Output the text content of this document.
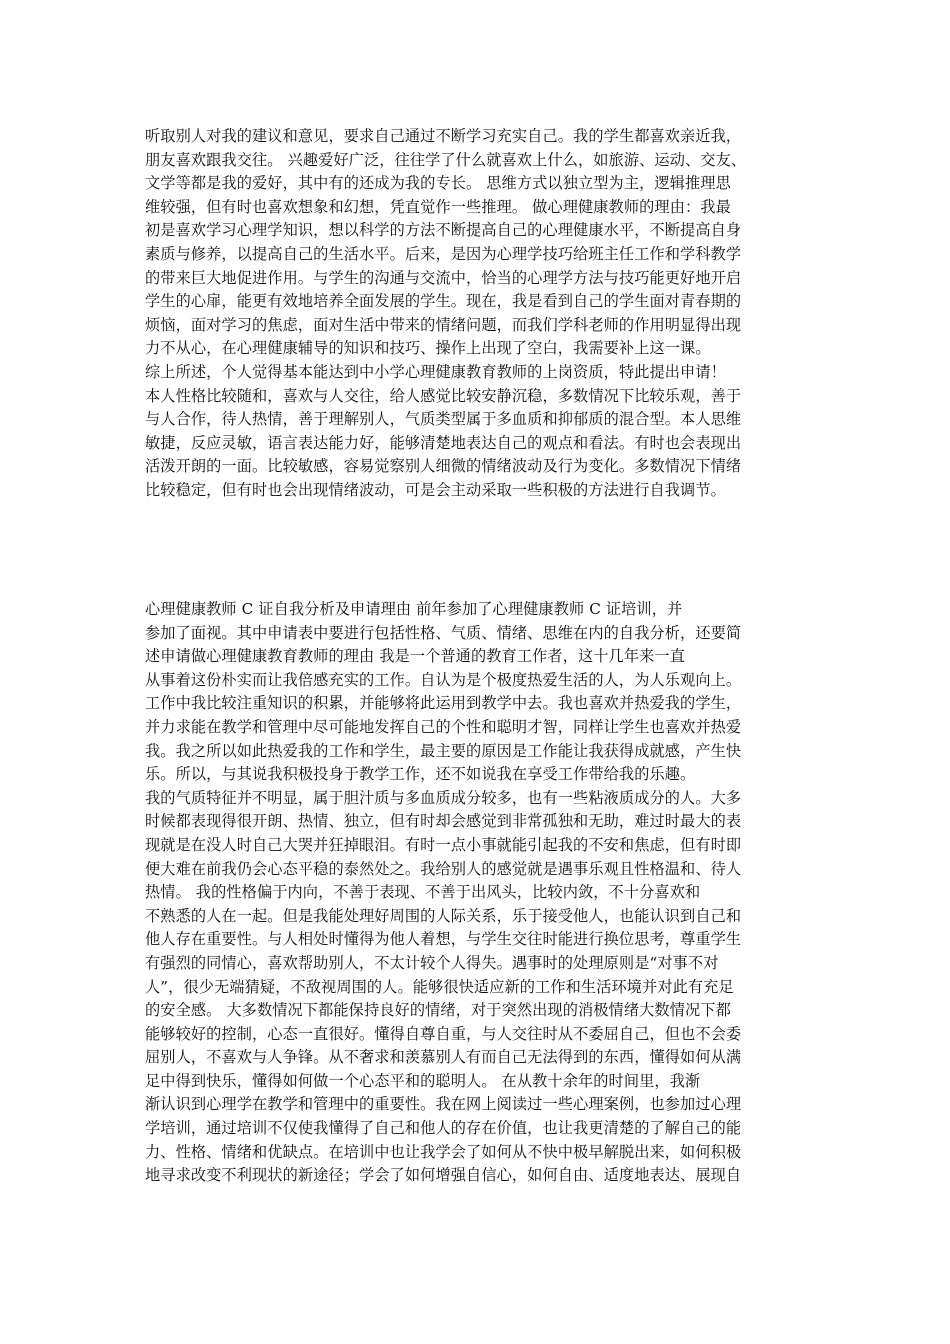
听取别人对我的建议和意见，要求自己通过不断学习充实自己。我的学生都喜欢亲近我，
朋友喜欢跟我交往。 兴趣爱好广泛，往往学了什么就喜欢上什么，如旅游、运动、交友、
文学等都是我的爱好，其中有的还成为我的专长。 思维方式以独立型为主，逻辑推理思
维较强，但有时也喜欢想象和幻想，凭直觉作一些推理。 做心理健康教师的理由：我最
初是喜欢学习心理学知识，想以科学的方法不断提高自己的心理健康水平，不断提高自身
素质与修养，以提高自己的生活水平。后来，是因为心理学技巧给班主任工作和学科教学
的带来巨大地促进作用。与学生的沟通与交流中，恰当的心理学方法与技巧能更好地开启
学生的心扉，能更有效地培养全面发展的学生。现在，我是看到自己的学生面对青春期的
烦恼，面对学习的焦虑，面对生活中带来的情绪问题，而我们学科老师的作用明显得出现
力不从心，在心理健康辅导的知识和技巧、操作上出现了空白，我需要补上这一课。
综上所述，个人觉得基本能达到中小学心理健康教育教师的上岗资质，特此提出申请！
本人性格比较随和，喜欢与人交往，给人感觉比较安静沉稳，多数情况下比较乐观，善于
与人合作，待人热情，善于理解别人，气质类型属于多血质和抑郁质的混合型。本人思维
敏捷，反应灵敏，语言表达能力好，能够清楚地表达自己的观点和看法。有时也会表现出
活泼开朗的一面。比较敏感，容易觉察别人细微的情绪波动及行为变化。多数情况下情绪
比较稳定，但有时也会出现情绪波动，可是会主动采取一些积极的方法进行自我调节。
心理健康教师 C 证自我分析及申请理由 前年参加了心理健康教师 C 证培训，并
参加了面视。其中申请表中要进行包括性格、气质、情绪、思维在内的自我分析，还要简
述申请做心理健康教育教师的理由 我是一个普通的教育工作者，这十几年来一直
从事着这份朴实而让我倍感充实的工作。自认为是个极度热爱生活的人，为人乐观向上。
工作中我比较注重知识的积累，并能够将此运用到教学中去。我也喜欢并热爱我的学生，
并力求能在教学和管理中尽可能地发挥自己的个性和聪明才智，同样让学生也喜欢并热爱
我。我之所以如此热爱我的工作和学生，最主要的原因是工作能让我获得成就感，产生快
乐。所以，与其说我积极投身于教学工作，还不如说我在享受工作带给我的乐趣。
我的气质特征并不明显，属于胆汁质与多血质成分较多，也有一些粘液质成分的人。大多
时候都表现得很开朗、热情、独立，但有时却会感觉到非常孤独和无助，难过时最大的表
现就是在没人时自己大哭并狂掉眼泪。有时一点小事就能引起我的不安和焦虑，但有时即
便大难在前我仍会心态平稳的泰然处之。我给别人的感觉就是遇事乐观且性格温和、待人
热情。 我的性格偏于内向，不善于表现、不善于出风头，比较内敛，不十分喜欢和
不熟悉的人在一起。但是我能处理好周围的人际关系，乐于接受他人，也能认识到自己和
他人存在重要性。与人相处时懂得为他人着想，与学生交往时能进行换位思考，尊重学生
有强烈的同情心，喜欢帮助别人，不太计较个人得失。遇事时的处理原则是“对事不对
人”，很少无端猜疑，不敌视周围的人。能够很快适应新的工作和生活环境并对此有充足
的安全感。 大多数情况下都能保持良好的情绪，对于突然出现的消极情绪大数情况下都
能够较好的控制，心态一直很好。懂得自尊自重，与人交往时从不委屈自己，但也不会委
屈别人，不喜欢与人争锋。从不奢求和羡慕别人有而自己无法得到的东西，懂得如何从满
足中得到快乐，懂得如何做一个心态平和的聪明人。 在从教十余年的时间里，我渐
渐认识到心理学在教学和管理中的重要性。我在网上阅读过一些心理案例，也参加过心理
学培训，通过培训不仅使我懂得了自己和他人的存在价值，也让我更清楚的了解自己的能
力、性格、情绪和优缺点。在培训中也让我学会了如何从不快中极早解脱出来，如何积极
地寻求改变不利现状的新途径；学会了如何增强自信心，如何自由、适度地表达、展现自
